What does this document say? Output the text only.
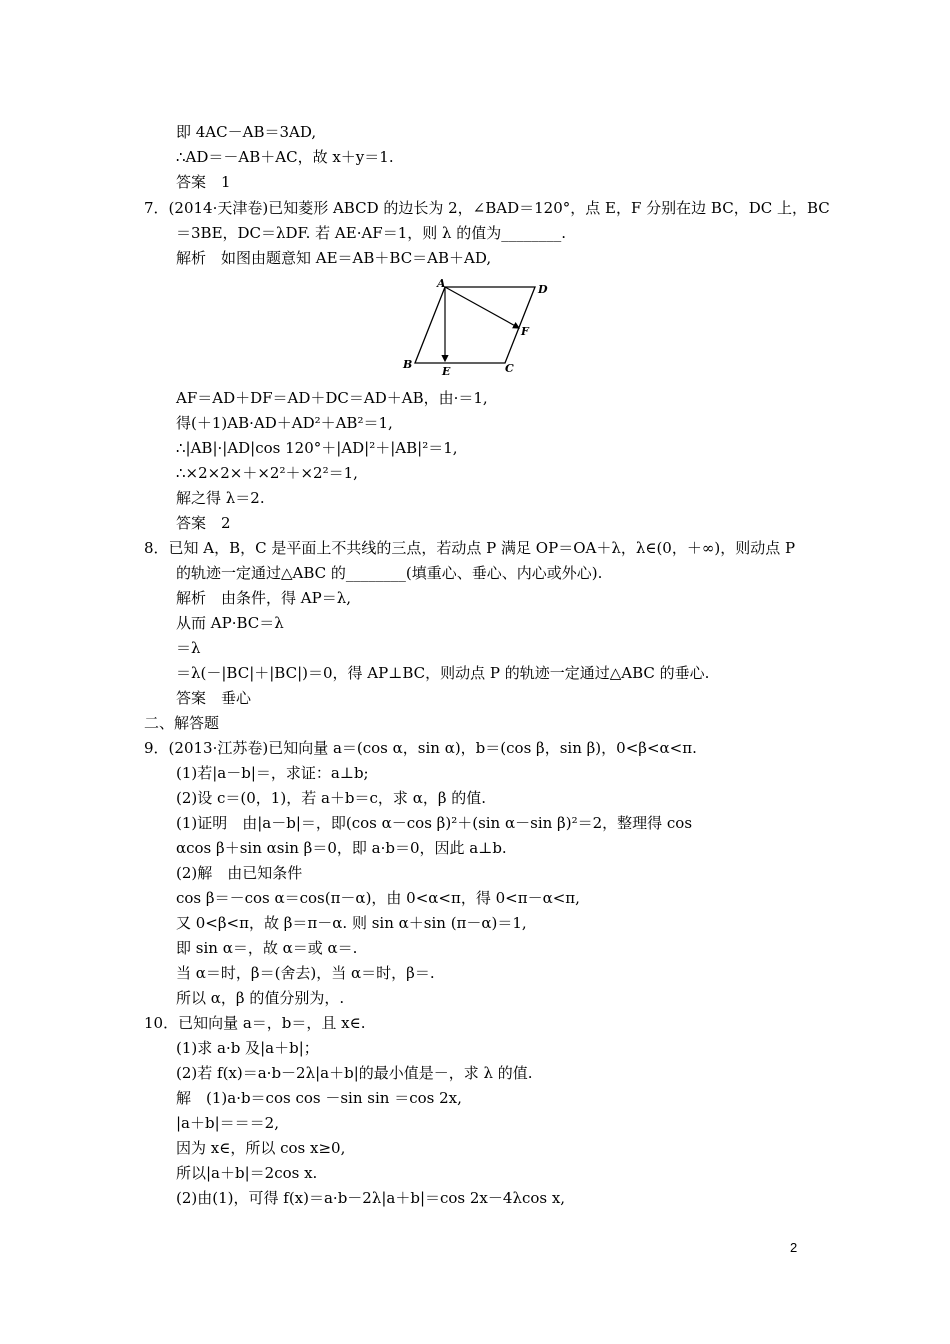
即 4AC－AB＝3AD,
∴AD＝－AB＋AC，故 x＋y＝1.
答案　1
7．(2014·天津卷)已知菱形 ABCD 的边长为 2，∠BAD＝120°，点 E，F 分别在边 BC，DC 上，BC
＝3BE，DC＝λDF. 若 AE·AF＝1，则 λ 的值为________.
解析　如图由题意知 AE＝AB＋BC＝AB＋AD,
A	D
F
B
E	C
AF＝AD＋DF＝AD＋DC＝AD＋AB，由·＝1,
得(＋1)AB·AD＋AD²＋AB²＝1,
∴|AB|·|AD|cos 120°＋|AD|²＋|AB|²＝1,
∴×2×2×＋×2²＋×2²＝1,
解之得 λ＝2.
答案　2
8．已知 A，B，C 是平面上不共线的三点，若动点 P 满足 OP＝OA＋λ，λ∈(0，＋∞)，则动点 P
的轨迹一定通过△ABC 的________(填重心、垂心、内心或外心).
解析　由条件，得 AP＝λ,
从而 AP·BC＝λ
＝λ
＝λ(－|BC|＋|BC|)＝0，得 AP⊥BC，则动点 P 的轨迹一定通过△ABC 的垂心.
答案　垂心
二、解答题
9．(2013·江苏卷)已知向量 a＝(cos α，sin α)，b＝(cos β，sin β)，0<β<α<π.
(1)若|a－b|＝，求证：a⊥b;
(2)设 c＝(0，1)，若 a＋b＝c，求 α，β 的值.
(1)证明　由|a－b|＝，即(cos α－cos β)²＋(sin α－sin β)²＝2，整理得 cos
αcos β＋sin αsin β＝0，即 a·b＝0，因此 a⊥b.
(2)解　由已知条件
cos β＝－cos α＝cos(π－α)，由 0<α<π，得 0<π－α<π,
又 0<β<π，故 β＝π－α. 则 sin α＋sin (π－α)＝1,
即 sin α＝，故 α＝或 α＝.
当 α＝时，β＝(舍去)，当 α＝时，β＝.
所以 α，β 的值分别为，.
10．已知向量 a＝，b＝，且 x∈.
(1)求 a·b 及|a＋b|；
(2)若 f(x)＝a·b－2λ|a＋b|的最小值是－，求 λ 的值.
解　(1)a·b＝cos cos －sin sin ＝cos 2x,
|a＋b|＝＝＝2,
因为 x∈，所以 cos x≥0,
所以|a＋b|＝2cos x.
(2)由(1)，可得 f(x)＝a·b－2λ|a＋b|＝cos 2x－4λcos x,
2
